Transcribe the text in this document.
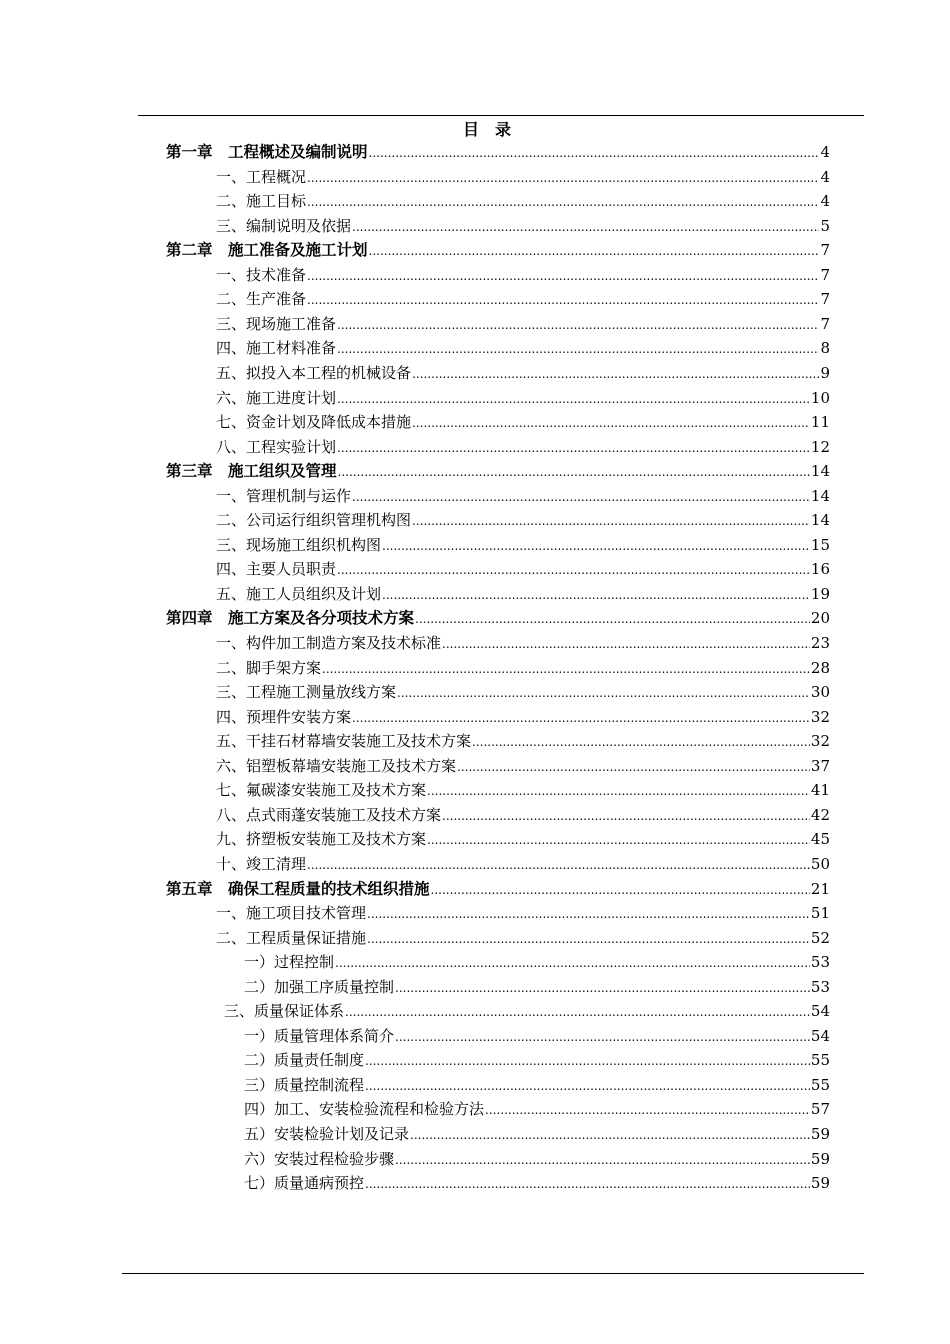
目　录
第一章　工程概述及编制说明 .....	4
一、工程概况 .....	4
二、施工目标 .....	4
三、编制说明及依据 .....	5
第二章　施工准备及施工计划 .....	7
一、技术准备 .....	7
二、生产准备 .....	7
三、现场施工准备 .....	7
四、施工材料准备 .....	8
五、拟投入本工程的机械设备 .....	9
六、施工进度计划 .....	10
七、资金计划及降低成本措施 .....	11
八、工程实验计划 .....	12
第三章　施工组织及管理 .....	14
一、管理机制与运作 .....	14
二、公司运行组织管理机构图 .....	14
三、现场施工组织机构图 .....	15
四、主要人员职责 .....	16
五、施工人员组织及计划 .....	19
第四章　施工方案及各分项技术方案 .....	20
一、构件加工制造方案及技术标准 .....	23
二、脚手架方案 .....	28
三、工程施工测量放线方案 .....	30
四、预埋件安装方案 .....	32
五、干挂石材幕墙安装施工及技术方案 .....	32
六、铝塑板幕墙安装施工及技术方案 .....	37
七、氟碳漆安装施工及技术方案 .....	41
八、点式雨蓬安装施工及技术方案 .....	42
九、挤塑板安装施工及技术方案 .....	45
十、竣工清理 .....	50
第五章　确保工程质量的技术组织措施 .....	21
一、施工项目技术管理 .....	51
二、工程质量保证措施 .....	52
一）过程控制 .....	53
二）加强工序质量控制 .....	53
三、质量保证体系 .....	54
一）质量管理体系简介 .....	54
二）质量责任制度 .....	55
三）质量控制流程 .....	55
四）加工、安装检验流程和检验方法 .....	57
五）安装检验计划及记录 .....	59
六）安装过程检验步骤 .....	59
七）质量通病预控 .....	59
